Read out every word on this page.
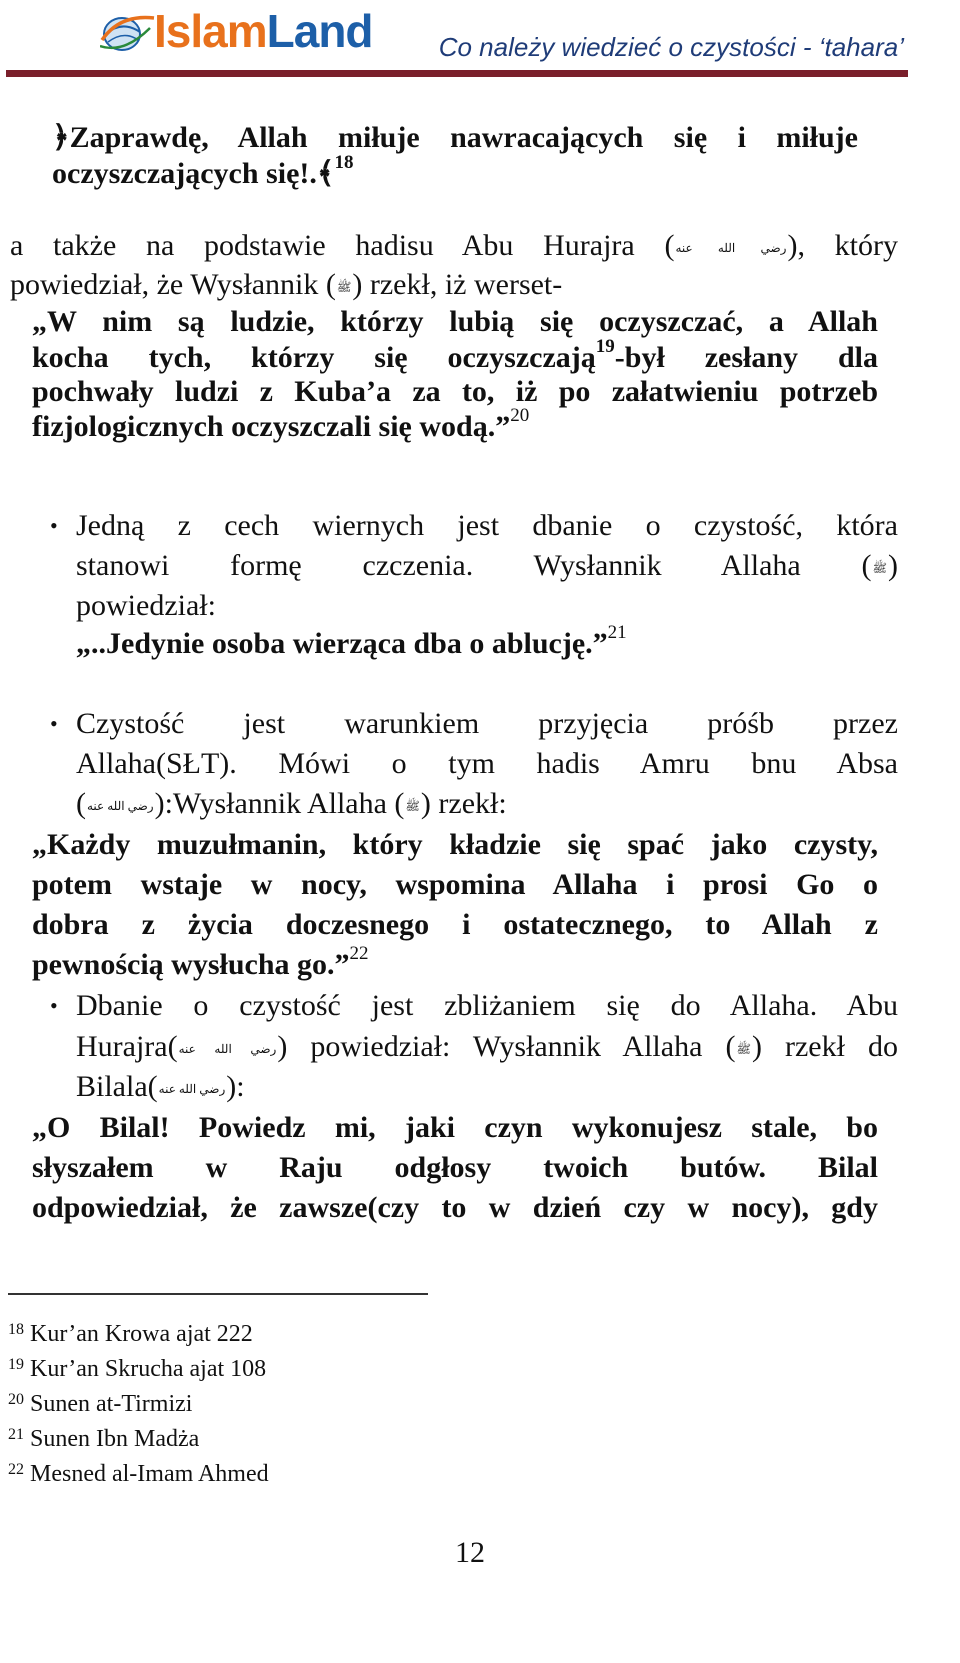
IslamLand	Co należy wiedzieć o czystości - ‘tahara’
﴿Zaprawdę, Allah miłuje nawracających się i miłuje
oczyszczających się!.﴾$^{18}$
a także na podstawie hadisu Abu Hurajra (رضي الله عنه), który
powiedział, że Wysłannik (ﷺ) rzekł, iż werset-
„W nim są ludzie, którzy lubią się oczyszczać, a Allah
kocha tych, którzy się oczyszczają$^{19}$-był zesłany dla
pochwały ludzi z Kuba’a za to, iż po załatwieniu potrzeb
fizjologicznych oczyszczali się wodą.”$^{20}$
• Jedną z cech wiernych jest dbanie o czystość, która
stanowi formę czczenia. Wysłannik Allaha (ﷺ)
powiedział:
„..Jedynie osoba wierząca dba o ablucję.”$^{21}$
• Czystość jest warunkiem przyjęcia próśb przez
Allaha(SŁT). Mówi o tym hadis Amru bnu Absa
(رضي الله عنه):Wysłannik Allaha (ﷺ) rzekł:
„Każdy muzułmanin, który kładzie się spać jako czysty,
potem wstaje w nocy, wspomina Allaha i prosi Go o
dobra z życia doczesnego i ostatecznego, to Allah z
pewnością wysłucha go.”$^{22}$
• Dbanie o czystość jest zbliżaniem się do Allaha. Abu
Hurajra(رضي الله عنه) powiedział: Wysłannik Allaha (ﷺ) rzekł do
Bilala(رضي الله عنه):
„O Bilal! Powiedz mi, jaki czyn wykonujesz stale, bo
słyszałem w Raju odgłosy twoich butów. Bilal
odpowiedział, że zawsze(czy to w dzień czy w nocy), gdy
$^{18}$ Kur’an Krowa ajat 222
$^{19}$ Kur’an Skrucha ajat 108
$^{20}$ Sunen at-Tirmizi
$^{21}$ Sunen Ibn Madża
$^{22}$ Mesned al-Imam Ahmed
12
